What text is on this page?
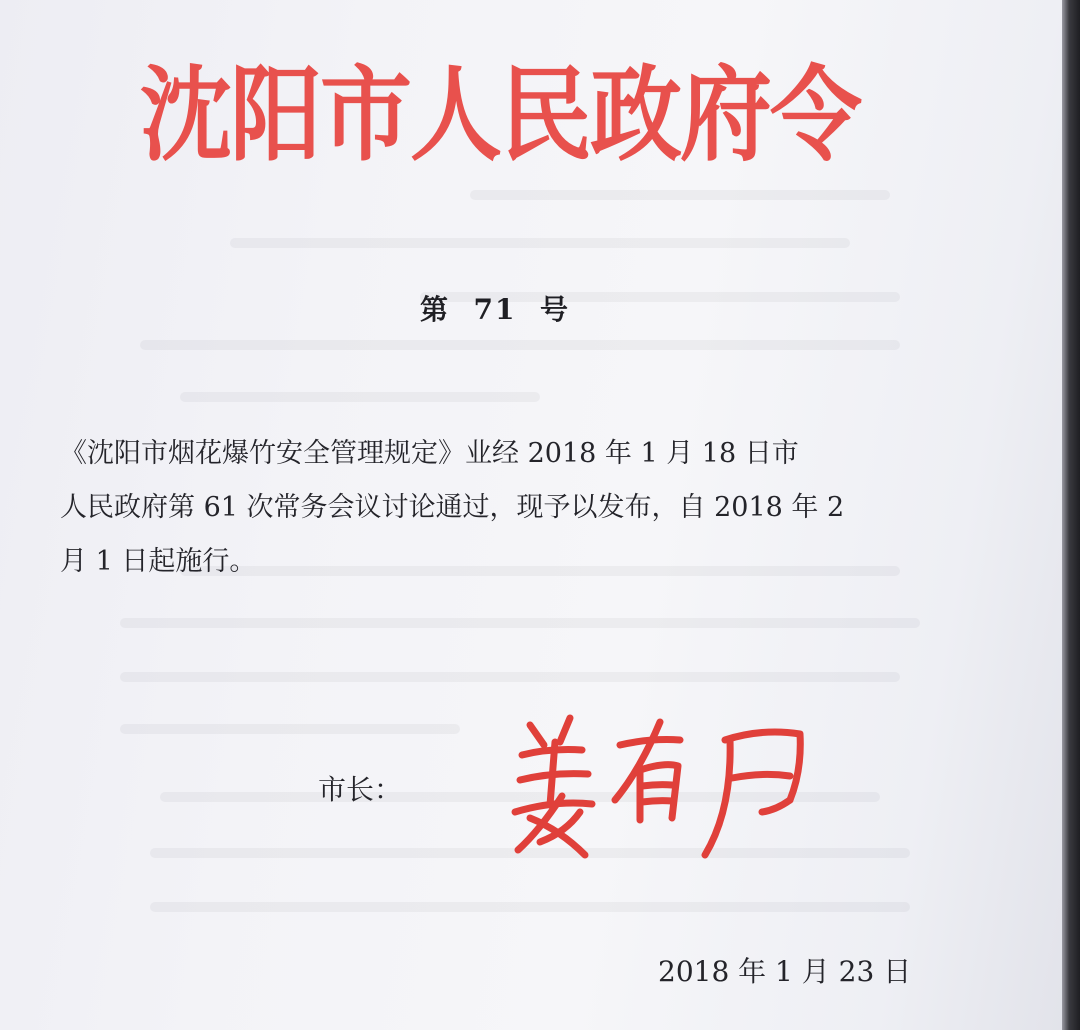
沈阳市人民政府令
第  71  号
《沈阳市烟花爆竹安全管理规定》业经 2018 年 1 月 18 日市
人民政府第 61 次常务会议讨论通过，现予以发布，自 2018 年 2
月 1 日起施行。
市长：
2018 年 1 月 23 日
